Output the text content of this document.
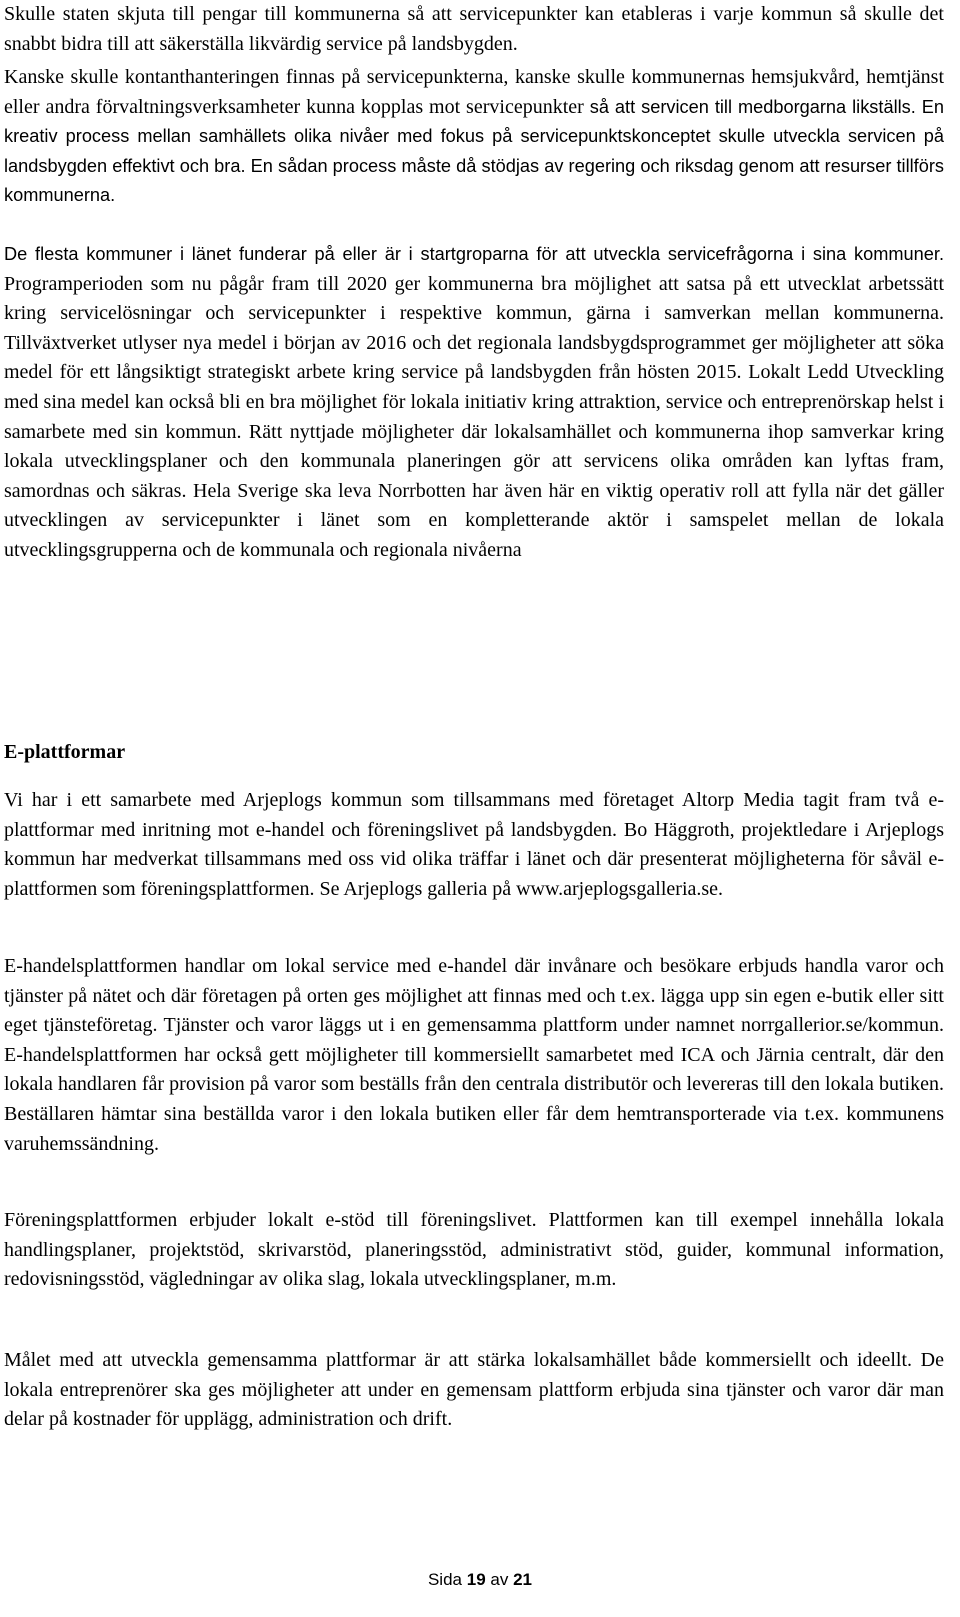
Skulle staten skjuta till pengar till kommunerna så att servicepunkter kan etableras i varje kommun så skulle det snabbt bidra till att säkerställa likvärdig service på landsbygden.

Kanske skulle kontanthanteringen finnas på servicepunkterna, kanske skulle kommunernas hemsjukvård, hemtjänst eller andra förvaltningsverksamheter kunna kopplas mot servicepunkter så att servicen till medborgarna likställs. En kreativ process mellan samhällets olika nivåer med fokus på servicepunktskonceptet skulle utveckla servicen på landsbygden effektivt och bra. En sådan process måste då stödjas av regering och riksdag genom att resurser tillförs kommunerna.

De flesta kommuner i länet funderar på eller är i startgroparna för att utveckla servicefrågorna i sina kommuner. Programperioden som nu pågår fram till 2020 ger kommunerna bra möjlighet att satsa på ett utvecklat arbetssätt kring servicelösningar och servicepunkter i respektive kommun, gärna i samverkan mellan kommunerna. Tillväxtverket utlyser nya medel i början av 2016 och det regionala landsbygdsprogrammet ger möjligheter att söka medel för ett långsiktigt strategiskt arbete kring service på landsbygden från hösten 2015. Lokalt Ledd Utveckling med sina medel kan också bli en bra möjlighet för lokala initiativ kring attraktion, service och entreprenörskap helst i samarbete med sin kommun. Rätt nyttjade möjligheter där lokalsamhället och kommunerna ihop samverkar kring lokala utvecklingsplaner och den kommunala planeringen gör att servicens olika områden kan lyftas fram, samordnas och säkras. Hela Sverige ska leva Norrbotten har även här en viktig operativ roll att fylla när det gäller utvecklingen av servicepunkter i länet som en kompletterande aktör i samspelet mellan de lokala utvecklingsgrupperna och de kommunala och regionala nivåerna

E-plattformar

Vi har i ett samarbete med Arjeplogs kommun som tillsammans med företaget Altorp Media tagit fram två e-plattformar med inritning mot e-handel och föreningslivet på landsbygden. Bo Häggroth, projektledare i Arjeplogs kommun har medverkat tillsammans med oss vid olika träffar i länet och där presenterat möjligheterna för såväl e-plattformen som föreningsplattformen. Se Arjeplogs galleria på www.arjeplogsgalleria.se.

E-handelsplattformen handlar om lokal service med e-handel där invånare och besökare erbjuds handla varor och tjänster på nätet och där företagen på orten ges möjlighet att finnas med och t.ex. lägga upp sin egen e-butik eller sitt eget tjänsteföretag. Tjänster och varor läggs ut i en gemensamma plattform under namnet norrgallerior.se/kommun. E-handelsplattformen har också gett möjligheter till kommersiellt samarbetet med ICA och Järnia centralt, där den lokala handlaren får provision på varor som beställs från den centrala distributör och levereras till den lokala butiken. Beställaren hämtar sina beställda varor i den lokala butiken eller får dem hemtransporterade via t.ex. kommunens varuhemssändning.

Föreningsplattformen erbjuder lokalt e-stöd till föreningslivet. Plattformen kan till exempel innehålla lokala handlingsplaner, projektstöd, skrivarstöd, planeringsstöd, administrativt stöd, guider, kommunal information, redovisningsstöd, vägledningar av olika slag, lokala utvecklingsplaner, m.m.

Målet med att utveckla gemensamma plattformar är att stärka lokalsamhället både kommersiellt och ideellt. De lokala entreprenörer ska ges möjligheter att under en gemensam plattform erbjuda sina tjänster och varor där man delar på kostnader för upplägg, administration och drift.

Sida 19 av 21
